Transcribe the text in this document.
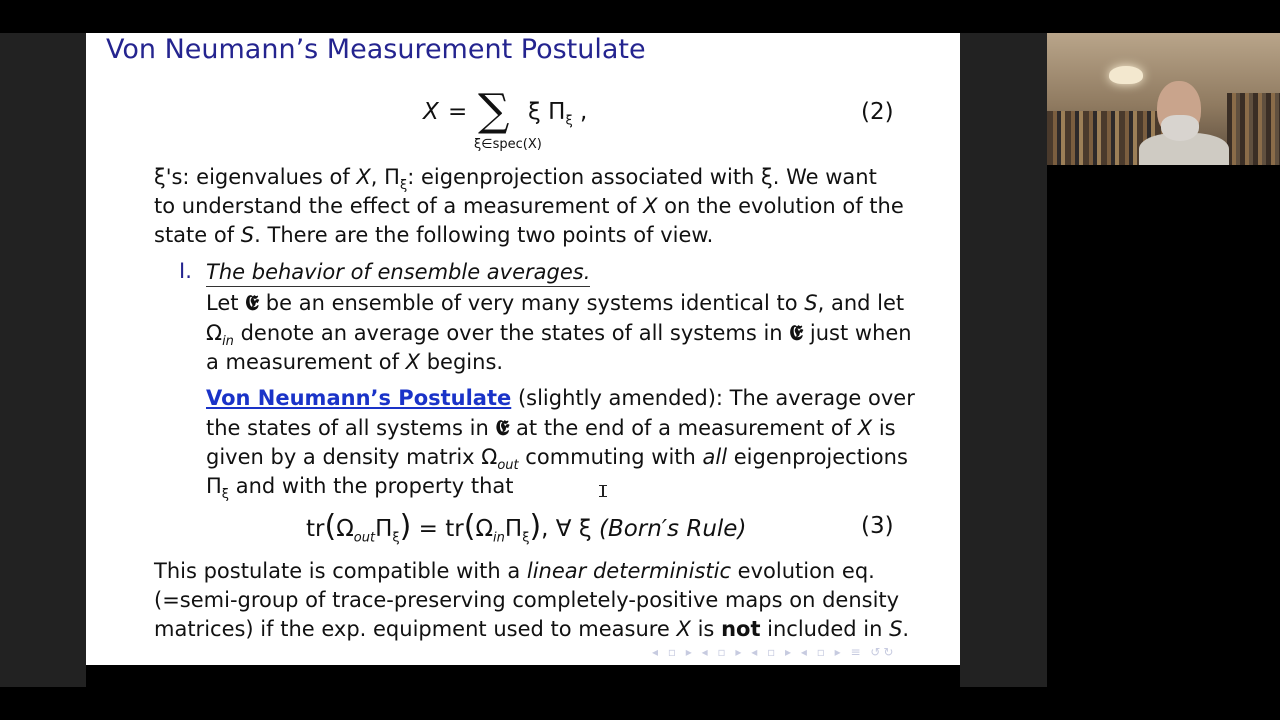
Von Neumann’s Measurement Postulate
X = ∑
ξ∈spec(X)
ξ $\Pi_\xi$ ,	(2)
ξ's: eigenvalues of X, $\Pi_\xi$: eigenprojection associated with ξ. We want
to understand the effect of a measurement of X on the evolution of the
state of S. There are the following two points of view.
I. The behavior of ensemble averages.
Let 𝕰 be an ensemble of very many systems identical to S, and let
$\Omega_{in}$ denote an average over the states of all systems in 𝕰 just when
a measurement of X begins.
Von Neumann’s Postulate (slightly amended): The average over
the states of all systems in 𝕰 at the end of a measurement of X is
given by a density matrix $\Omega_{out}$ commuting with all eigenprojections
$\Pi_\xi$ and with the property that
$tr(\Omega_{out}\Pi_\xi) = tr(\Omega_{in}\Pi_\xi)$, ∀ ξ (Born′s Rule)	(3)
This postulate is compatible with a linear deterministic evolution eq.
(=semi-group of trace-preserving completely-positive maps on density
matrices) if the exp. equipment used to measure X is not included in S.
◂ ▫ ▸ ◂ ▫ ▸ ◂ ▫ ▸ ◂ ▫ ▸ ≡ ↺↻
